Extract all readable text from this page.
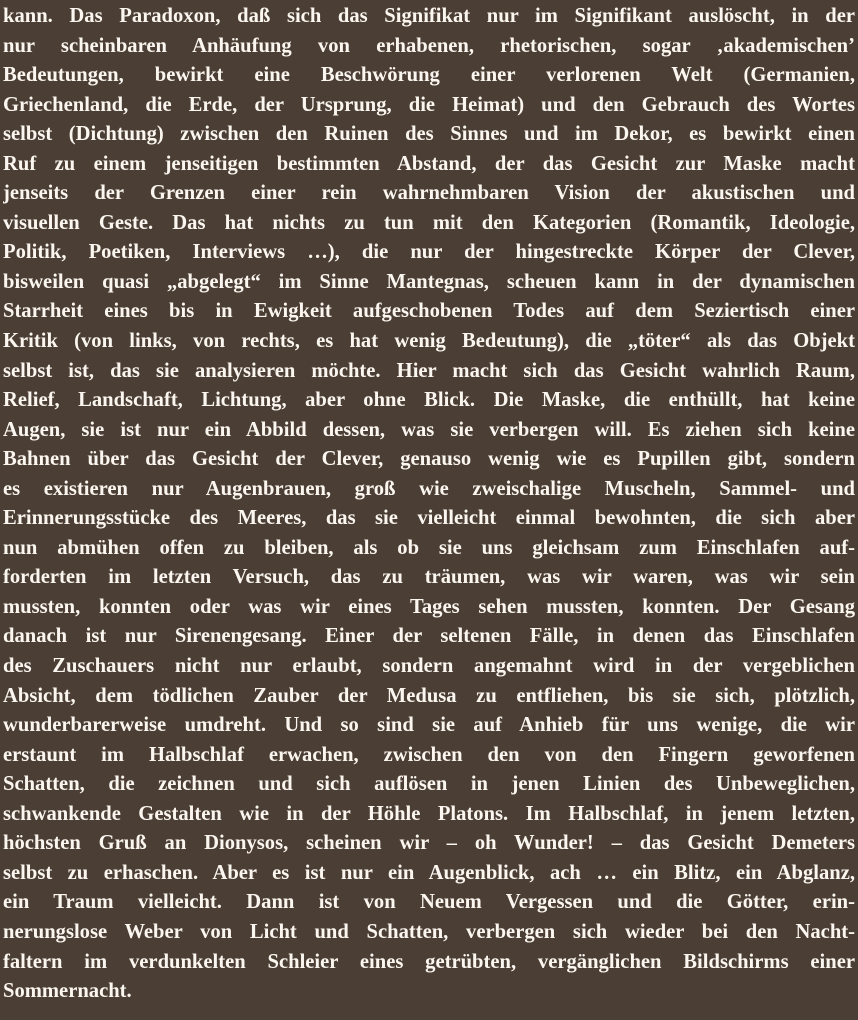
kann. Das Paradoxon, daß sich das Signifikat nur im Signifikant auslöscht, in der
nur scheinbaren Anhäufung von erhabenen, rhetorischen, sogar ‚akademischen’
Bedeutungen, bewirkt eine Beschwörung einer verlorenen Welt (Germanien,
Griechenland, die Erde, der Ursprung, die Heimat) und den Gebrauch des Wortes
selbst (Dichtung) zwischen den Ruinen des Sinnes und im Dekor, es bewirkt einen
Ruf zu einem jenseitigen bestimmten Abstand, der das Gesicht zur Maske macht
jenseits der Grenzen einer rein wahrnehmbaren Vision der akustischen und
visuellen Geste. Das hat nichts zu tun mit den Kategorien (Romantik, Ideologie,
Politik, Poetiken, Interviews …), die nur der hingestreckte Körper der Clever,
bisweilen quasi „abgelegt“ im Sinne Mantegnas, scheuen kann in der dynamischen
Starrheit eines bis in Ewigkeit aufgeschobenen Todes auf dem Seziertisch einer
Kritik (von links, von rechts, es hat wenig Bedeutung), die „töter“ als das Objekt
selbst ist, das sie analysieren möchte. Hier macht sich das Gesicht wahrlich Raum,
Relief, Landschaft, Lichtung, aber ohne Blick. Die Maske, die enthüllt, hat keine
Augen, sie ist nur ein Abbild dessen, was sie verbergen will. Es ziehen sich keine
Bahnen über das Gesicht der Clever, genauso wenig wie es Pupillen gibt, sondern
es existieren nur Augenbrauen, groß wie zweischalige Muscheln, Sammel- und
Erinnerungsstücke des Meeres, das sie vielleicht einmal bewohnten, die sich aber
nun abmühen offen zu bleiben, als ob sie uns gleichsam zum Einschlafen auf-
forderten im letzten Versuch, das zu träumen, was wir waren, was wir sein
mussten, konnten oder was wir eines Tages sehen mussten, konnten. Der Gesang
danach ist nur Sirenengesang. Einer der seltenen Fälle, in denen das Einschlafen
des Zuschauers nicht nur erlaubt, sondern angemahnt wird in der vergeblichen
Absicht, dem tödlichen Zauber der Medusa zu entfliehen, bis sie sich, plötzlich,
wunderbarerweise umdreht. Und so sind sie auf Anhieb für uns wenige, die wir
erstaunt im Halbschlaf erwachen, zwischen den von den Fingern geworfenen
Schatten, die zeichnen und sich auflösen in jenen Linien des Unbeweglichen,
schwankende Gestalten wie in der Höhle Platons. Im Halbschlaf, in jenem letzten,
höchsten Gruß an Dionysos, scheinen wir – oh Wunder! – das Gesicht Demeters
selbst zu erhaschen. Aber es ist nur ein Augenblick, ach … ein Blitz, ein Abglanz,
ein Traum vielleicht. Dann ist von Neuem Vergessen und die Götter, erin-
nerungslose Weber von Licht und Schatten, verbergen sich wieder bei den Nacht-
faltern im verdunkelten Schleier eines getrübten, vergänglichen Bildschirms einer
Sommernacht.
